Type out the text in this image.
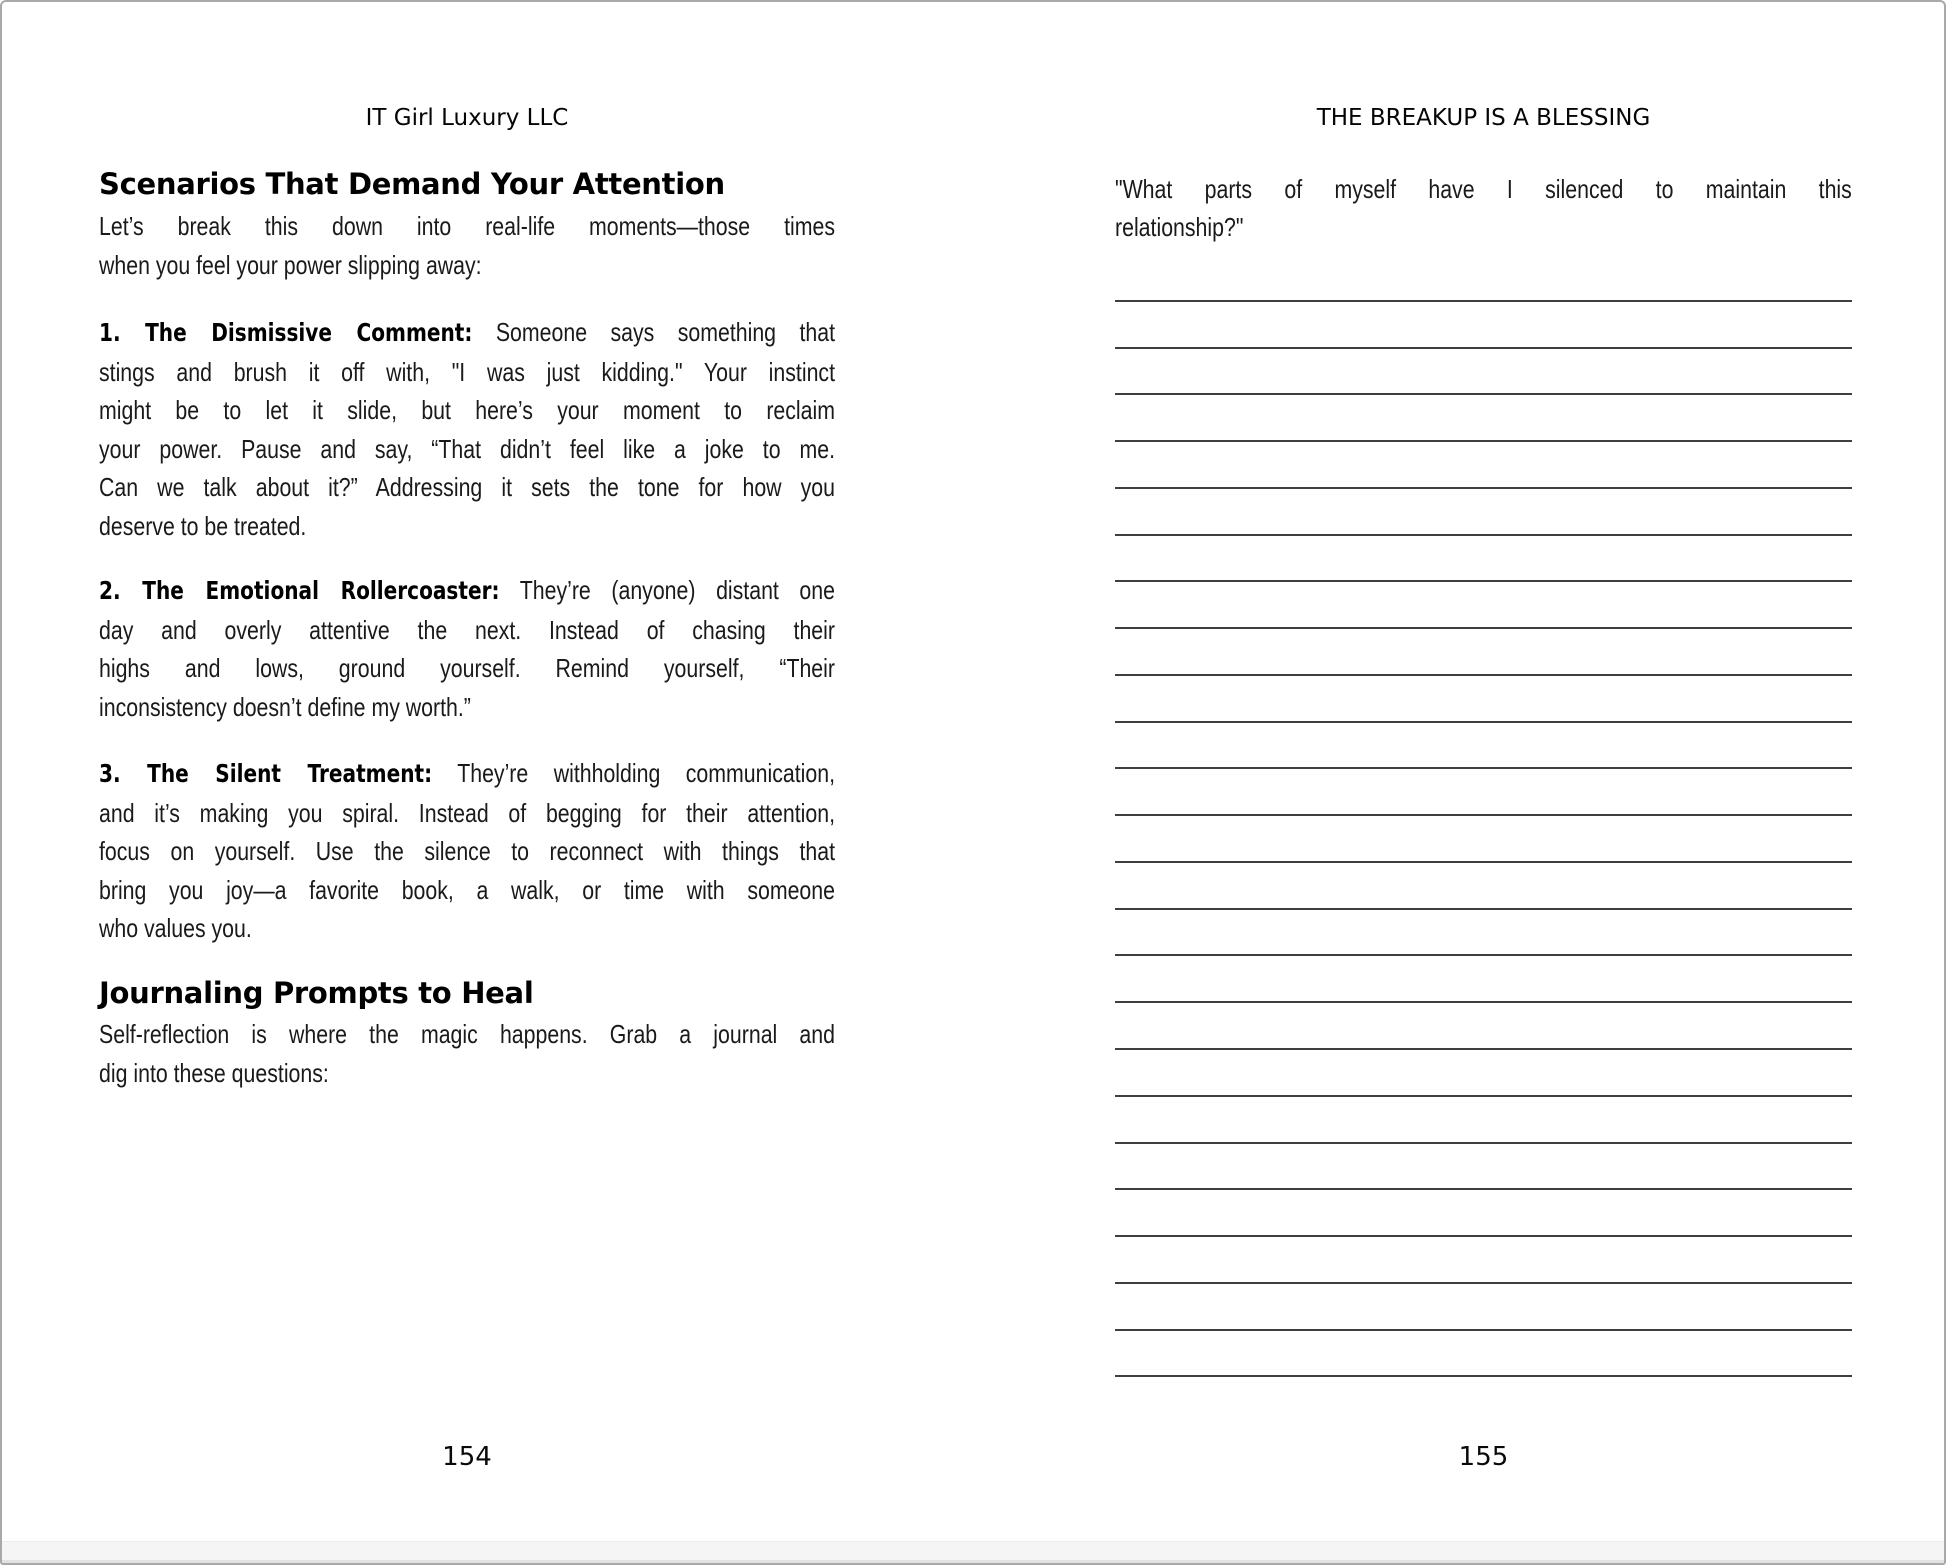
IT Girl Luxury LLC
Scenarios That Demand Your Attention
Let’s break this down into real-life moments—those times
when you feel your power slipping away:
1. The Dismissive Comment: Someone says something that
stings and brush it off with, "I was just kidding." Your instinct
might be to let it slide, but here’s your moment to reclaim
your power. Pause and say, “That didn’t feel like a joke to me.
Can we talk about it?” Addressing it sets the tone for how you
deserve to be treated.
2. The Emotional Rollercoaster: They’re (anyone) distant one
day and overly attentive the next. Instead of chasing their
highs and lows, ground yourself. Remind yourself, “Their
inconsistency doesn’t define my worth.”
3. The Silent Treatment: They’re withholding communication,
and it’s making you spiral. Instead of begging for their attention,
focus on yourself. Use the silence to reconnect with things that
bring you joy—a favorite book, a walk, or time with someone
who values you.
Journaling Prompts to Heal
Self-reflection is where the magic happens. Grab a journal and
dig into these questions:
154
THE BREAKUP IS A BLESSING
"What parts of myself have I silenced to maintain this
relationship?"
155
